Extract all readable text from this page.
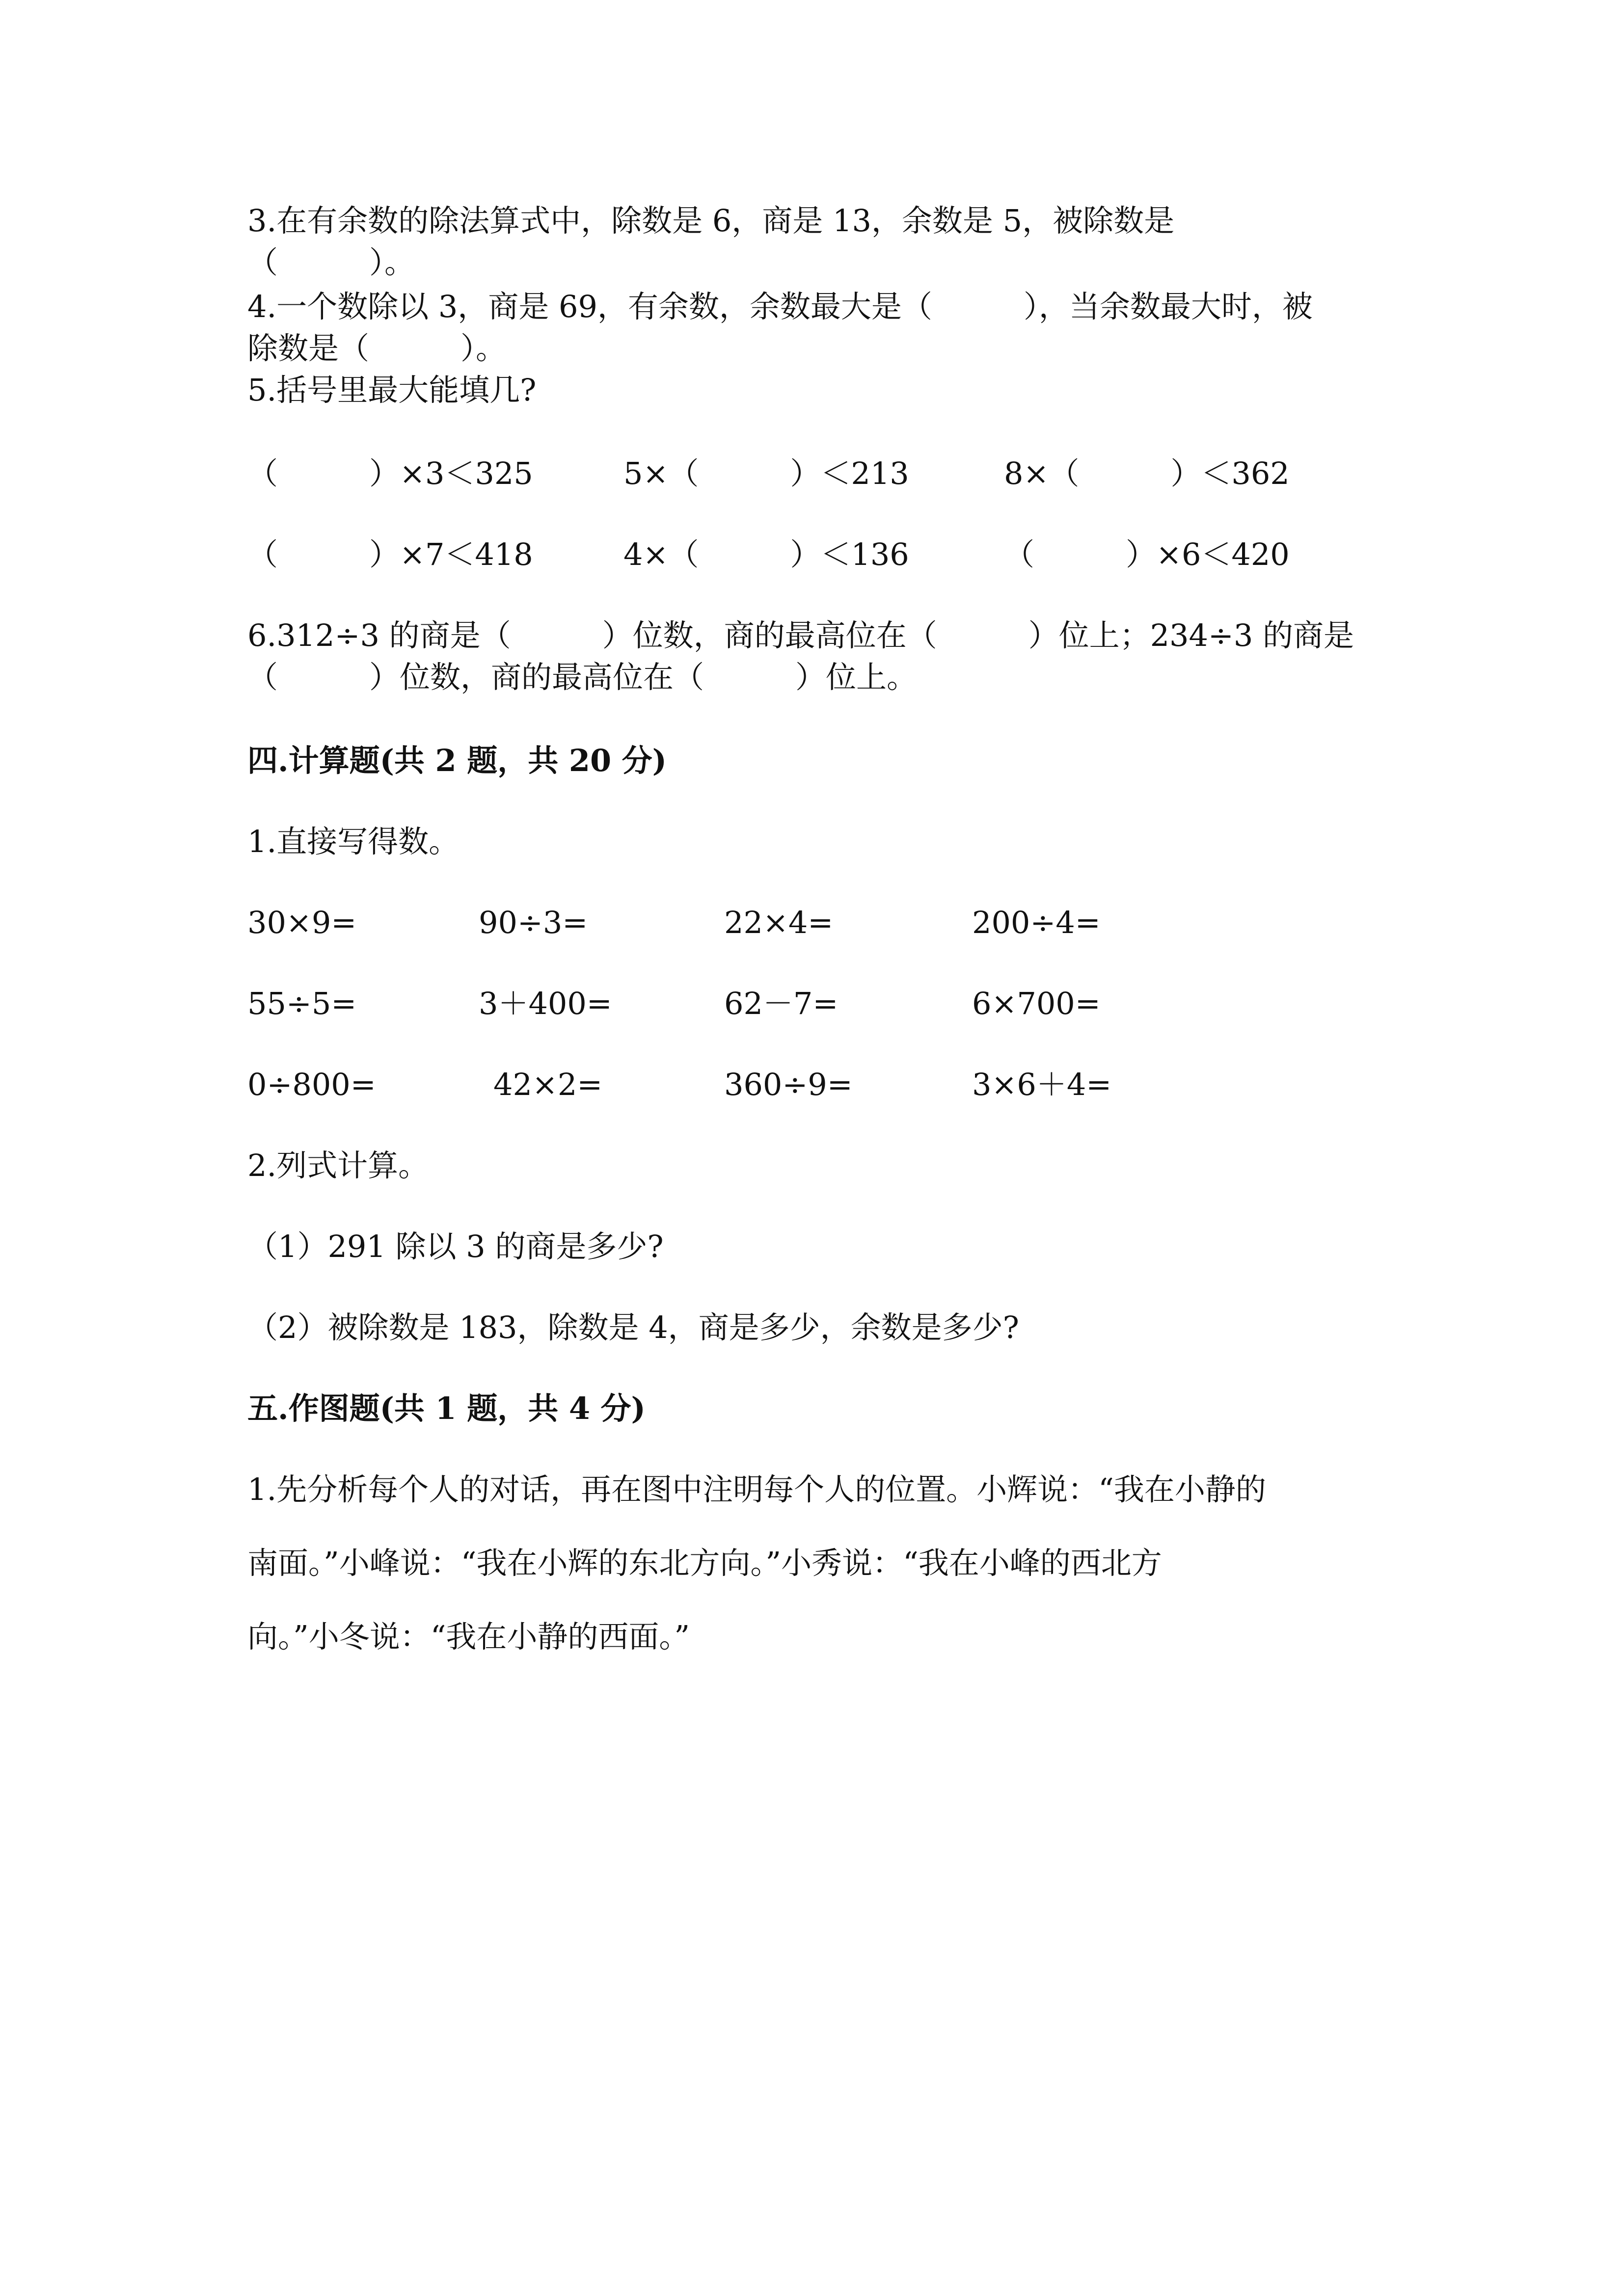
3.在有余数的除法算式中，除数是 6，商是 13，余数是 5，被除数是
（　　　）。
4.一个数除以 3，商是 69，有余数，余数最大是（　　　），当余数最大时，被
除数是（　　　）。
5.括号里最大能填几?
（　　　）×3＜325	5×（　　　）＜213	8×（　　　）＜362
（　　　）×7＜418	4×（　　　）＜136	（　　　）×6＜420
6.312÷3 的商是（　　　）位数，商的最高位在（　　　）位上；234÷3 的商是
（　　　）位数，商的最高位在（　　　）位上。
四.计算题(共 2 题，共 20 分)
1.直接写得数。
30×9=	90÷3=	22×4=	200÷4=
55÷5=	3＋400=	62－7=	6×700=
0÷800=	42×2=	360÷9=	3×6＋4=
2.列式计算。
（1）291 除以 3 的商是多少?
（2）被除数是 183，除数是 4，商是多少，余数是多少?
五.作图题(共 1 题，共 4 分)
1.先分析每个人的对话，再在图中注明每个人的位置。小辉说：“我在小静的
南面。”小峰说：“我在小辉的东北方向。”小秀说：“我在小峰的西北方
向。”小冬说：“我在小静的西面。”
